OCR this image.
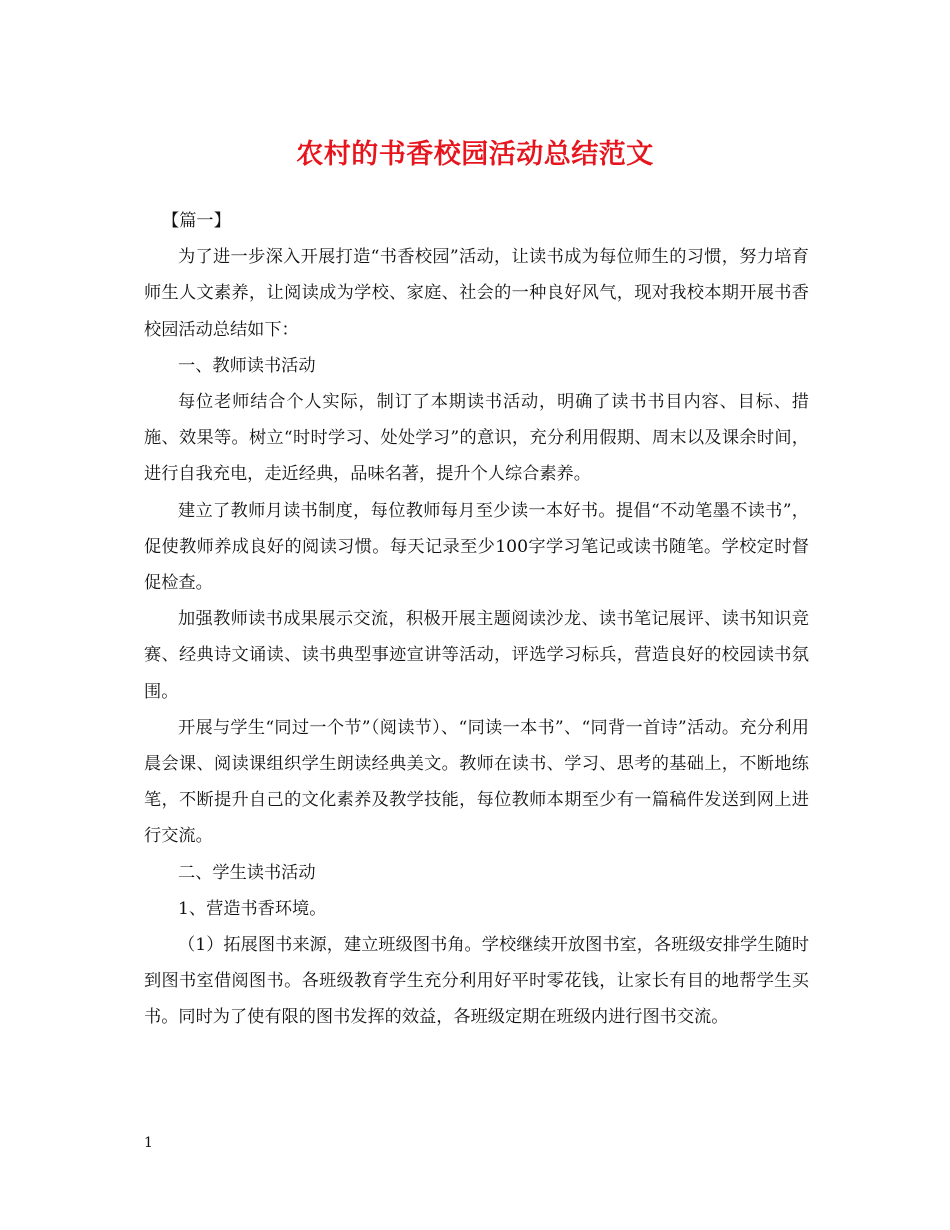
农村的书香校园活动总结范文

【篇一】

为了进一步深入开展打造“书香校园”活动，让读书成为每位师生的习惯，努力培育师生人文素养，让阅读成为学校、家庭、社会的一种良好风气，现对我校本期开展书香校园活动总结如下：

一、教师读书活动

每位老师结合个人实际，制订了本期读书活动，明确了读书书目内容、目标、措施、效果等。树立“时时学习、处处学习”的意识，充分利用假期、周末以及课余时间，进行自我充电，走近经典，品味名著，提升个人综合素养。

建立了教师月读书制度，每位教师每月至少读一本好书。提倡“不动笔墨不读书”，促使教师养成良好的阅读习惯。每天记录至少100字学习笔记或读书随笔。学校定时督促检查。

加强教师读书成果展示交流，积极开展主题阅读沙龙、读书笔记展评、读书知识竞赛、经典诗文诵读、读书典型事迹宣讲等活动，评选学习标兵，营造良好的校园读书氛围。

开展与学生“同过一个节”（阅读节）、“同读一本书”、“同背一首诗”活动。充分利用晨会课、阅读课组织学生朗读经典美文。教师在读书、学习、思考的基础上，不断地练笔，不断提升自己的文化素养及教学技能，每位教师本期至少有一篇稿件发送到网上进行交流。

二、学生读书活动

1、营造书香环境。

（1）拓展图书来源，建立班级图书角。学校继续开放图书室，各班级安排学生随时到图书室借阅图书。各班级教育学生充分利用好平时零花钱，让家长有目的地帮学生买书。同时为了使有限的图书发挥的效益，各班级定期在班级内进行图书交流。

1
